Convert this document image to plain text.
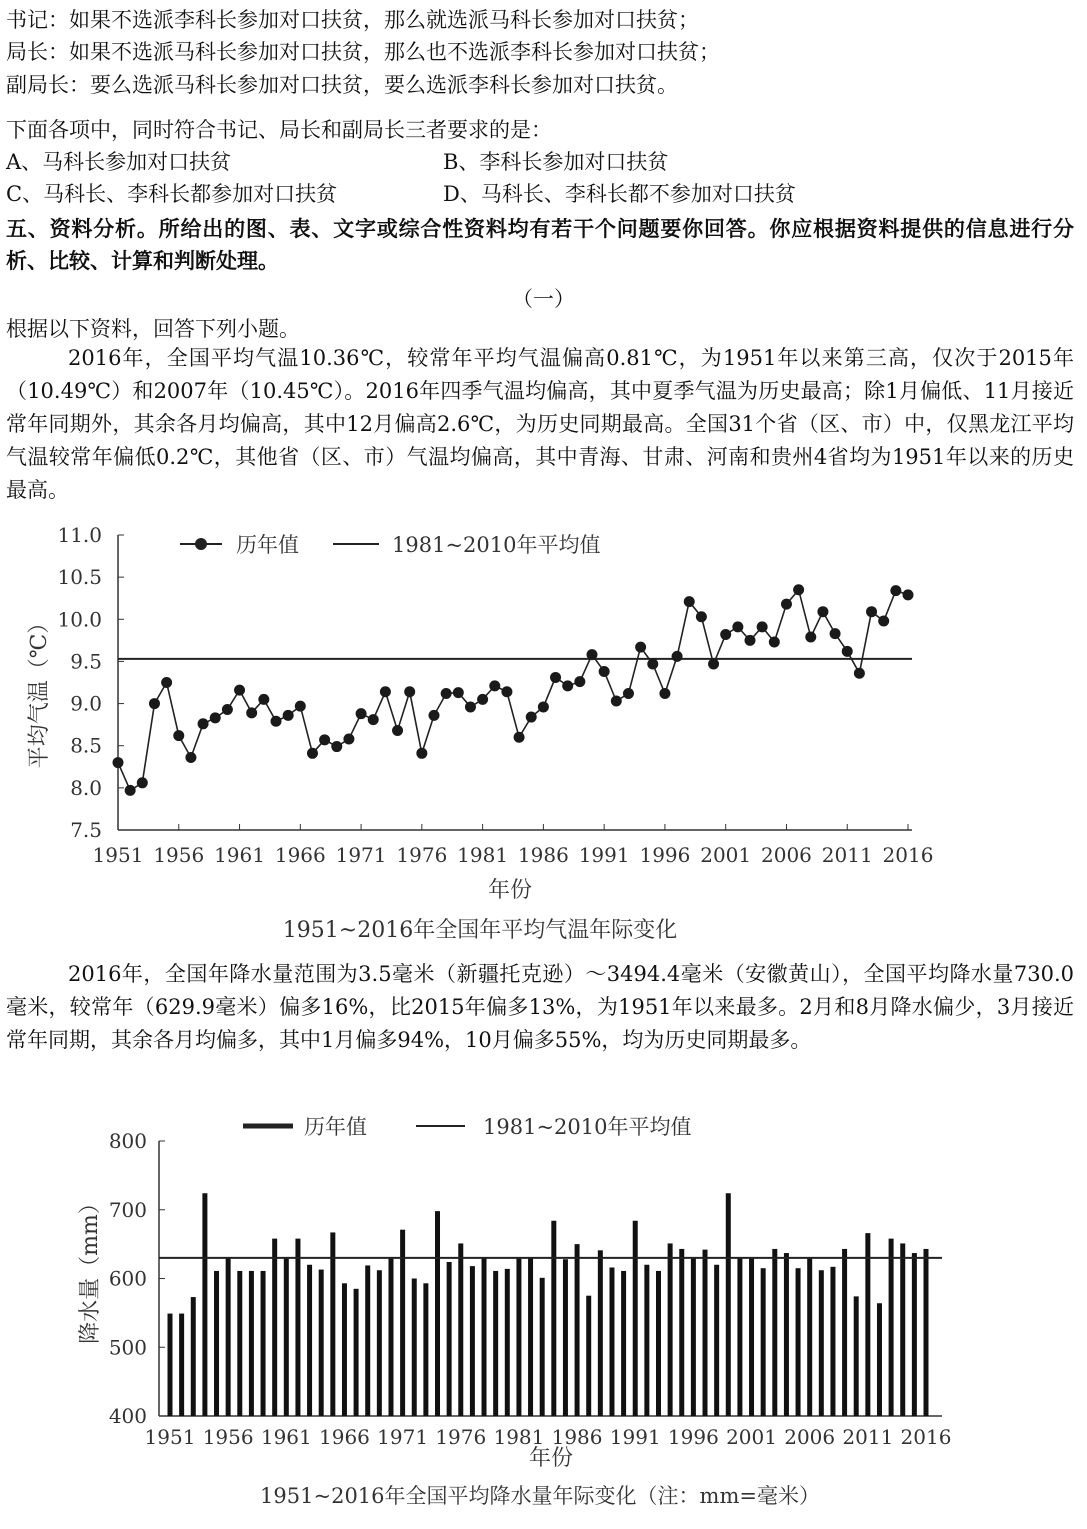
书记：如果不选派李科长参加对口扶贫，那么就选派马科长参加对口扶贫；
局长：如果不选派马科长参加对口扶贫，那么也不选派李科长参加对口扶贫；
副局长：要么选派马科长参加对口扶贫，要么选派李科长参加对口扶贫。
下面各项中，同时符合书记、局长和副局长三者要求的是：
A、马科长参加对口扶贫	B、李科长参加对口扶贫
C、马科长、李科长都参加对口扶贫	D、马科长、李科长都不参加对口扶贫
五、资料分析。所给出的图、表、文字或综合性资料均有若干个问题要你回答。你应根据资料提供的信息进行分析、比较、计算和判断处理。
（一）
根据以下资料，回答下列小题。
2016年，全国平均气温10.36℃，较常年平均气温偏高0.81℃，为1951年以来第三高，仅次于2015年（10.49℃）和2007年（10.45℃）。2016年四季气温均偏高，其中夏季气温为历史最高；除1月偏低、11月接近常年同期外，其余各月均偏高，其中12月偏高2.6℃，为历史同期最高。全国31个省（区、市）中，仅黑龙江平均气温较常年偏低0.2℃，其他省（区、市）气温均偏高，其中青海、甘肃、河南和贵州4省均为1951年以来的历史最高。
7.5
8.0
8.5
9.0
9.5
10.0
10.5
11.0
1951 1956 1961 1966 1971 1976 1981 1986 1991 1996 2001 2006 2011 2016
年份
1951~2016年全国年平均气温年际变化
平均气温（℃）
历年值	1981~2010年平均值
2016年，全国年降水量范围为3.5毫米（新疆托克逊）～3494.4毫米（安徽黄山），全国平均降水量730.0毫米，较常年（629.9毫米）偏多16%，比2015年偏多13%，为1951年以来最多。2月和8月降水偏少，3月接近常年同期，其余各月均偏多，其中1月偏多94%，10月偏多55%，均为历史同期最多。
400
500
600
700
800
1951 1956 1961 1966 1971 1976 1981 1986 1991 1996 2001 2006 2011 2016
年份
1951~2016年全国平均降水量年际变化（注：mm=毫米）
降水量（mm）
历年值	1981~2010年平均值
